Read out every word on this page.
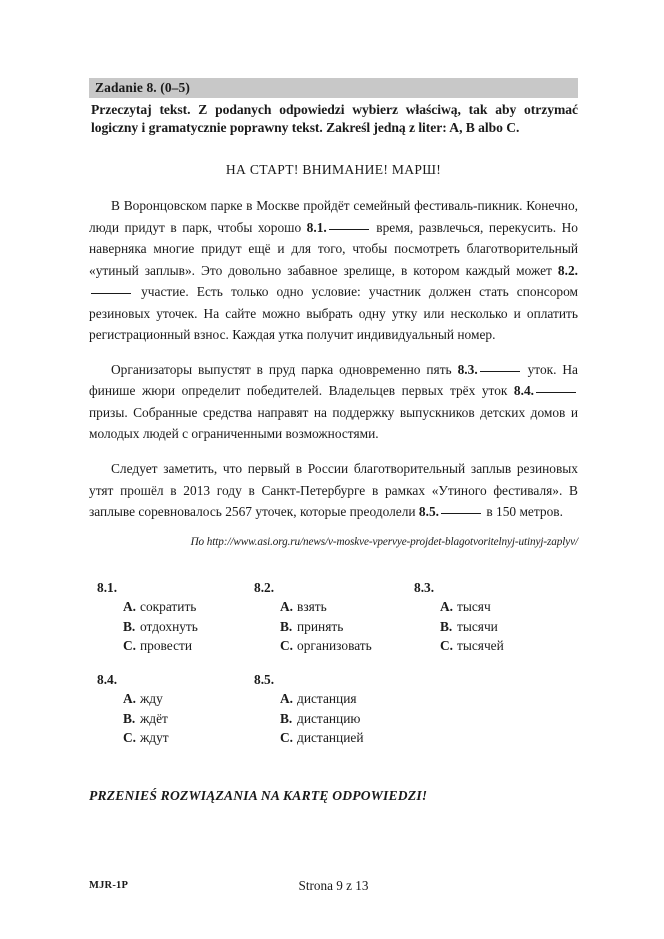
Zadanie 8. (0–5)
Przeczytaj tekst. Z podanych odpowiedzi wybierz właściwą, tak aby otrzymać logiczny i gramatycznie poprawny tekst. Zakreśl jedną z liter: A, B albo C.
НА СТАРТ! ВНИМАНИЕ! МАРШ!

В Воронцовском парке в Москве пройдёт семейный фестиваль-пикник. Конечно, люди придут в парк, чтобы хорошо 8.1.	время, развлечься, перекусить. Но наверняка многие придут ещё и для того, чтобы посмотреть благотворительный «утиный заплыв». Это довольно забавное зрелище, в котором каждый может 8.2. участие. Есть только одно условие: участник должен стать спонсором резиновых уточек. На сайте можно выбрать одну утку или несколько и оплатить регистрационный взнос. Каждая утка получит индивидуальный номер.

Организаторы выпустят в пруд парка одновременно пять 8.3.	уток. На финише жюри определит победителей. Владельцев первых трёх уток 8.4. призы. Собранные средства направят на поддержку выпускников детских домов и молодых людей с ограниченными возможностями.

Следует заметить, что первый в России благотворительный заплыв резиновых утят прошёл в 2013 году в Санкт-Петербурге в рамках «Утиного фестиваля». В заплыве соревновалось 2567 уточек, которые преодолели 8.5.	в 150 метров.

По http://www.asi.org.ru/news/v-moskve-vpervye-projdet-blagotvoritelnyj-utinyj-zaplyv/
8.1.
A. сократить
B. отдохнуть
C. провести
8.2.
A. взять
B. принять
C. организовать
8.3.
A. тысяч
B. тысячи
C. тысячей
8.4.
A. жду
B. ждёт
C. ждут
8.5.
A. дистанция
B. дистанцию
C. дистанцией
PRZENIEŚ ROZWIĄZANIA NA KARTĘ ODPOWIEDZI!
MJR-1P	Strona 9 z 13
